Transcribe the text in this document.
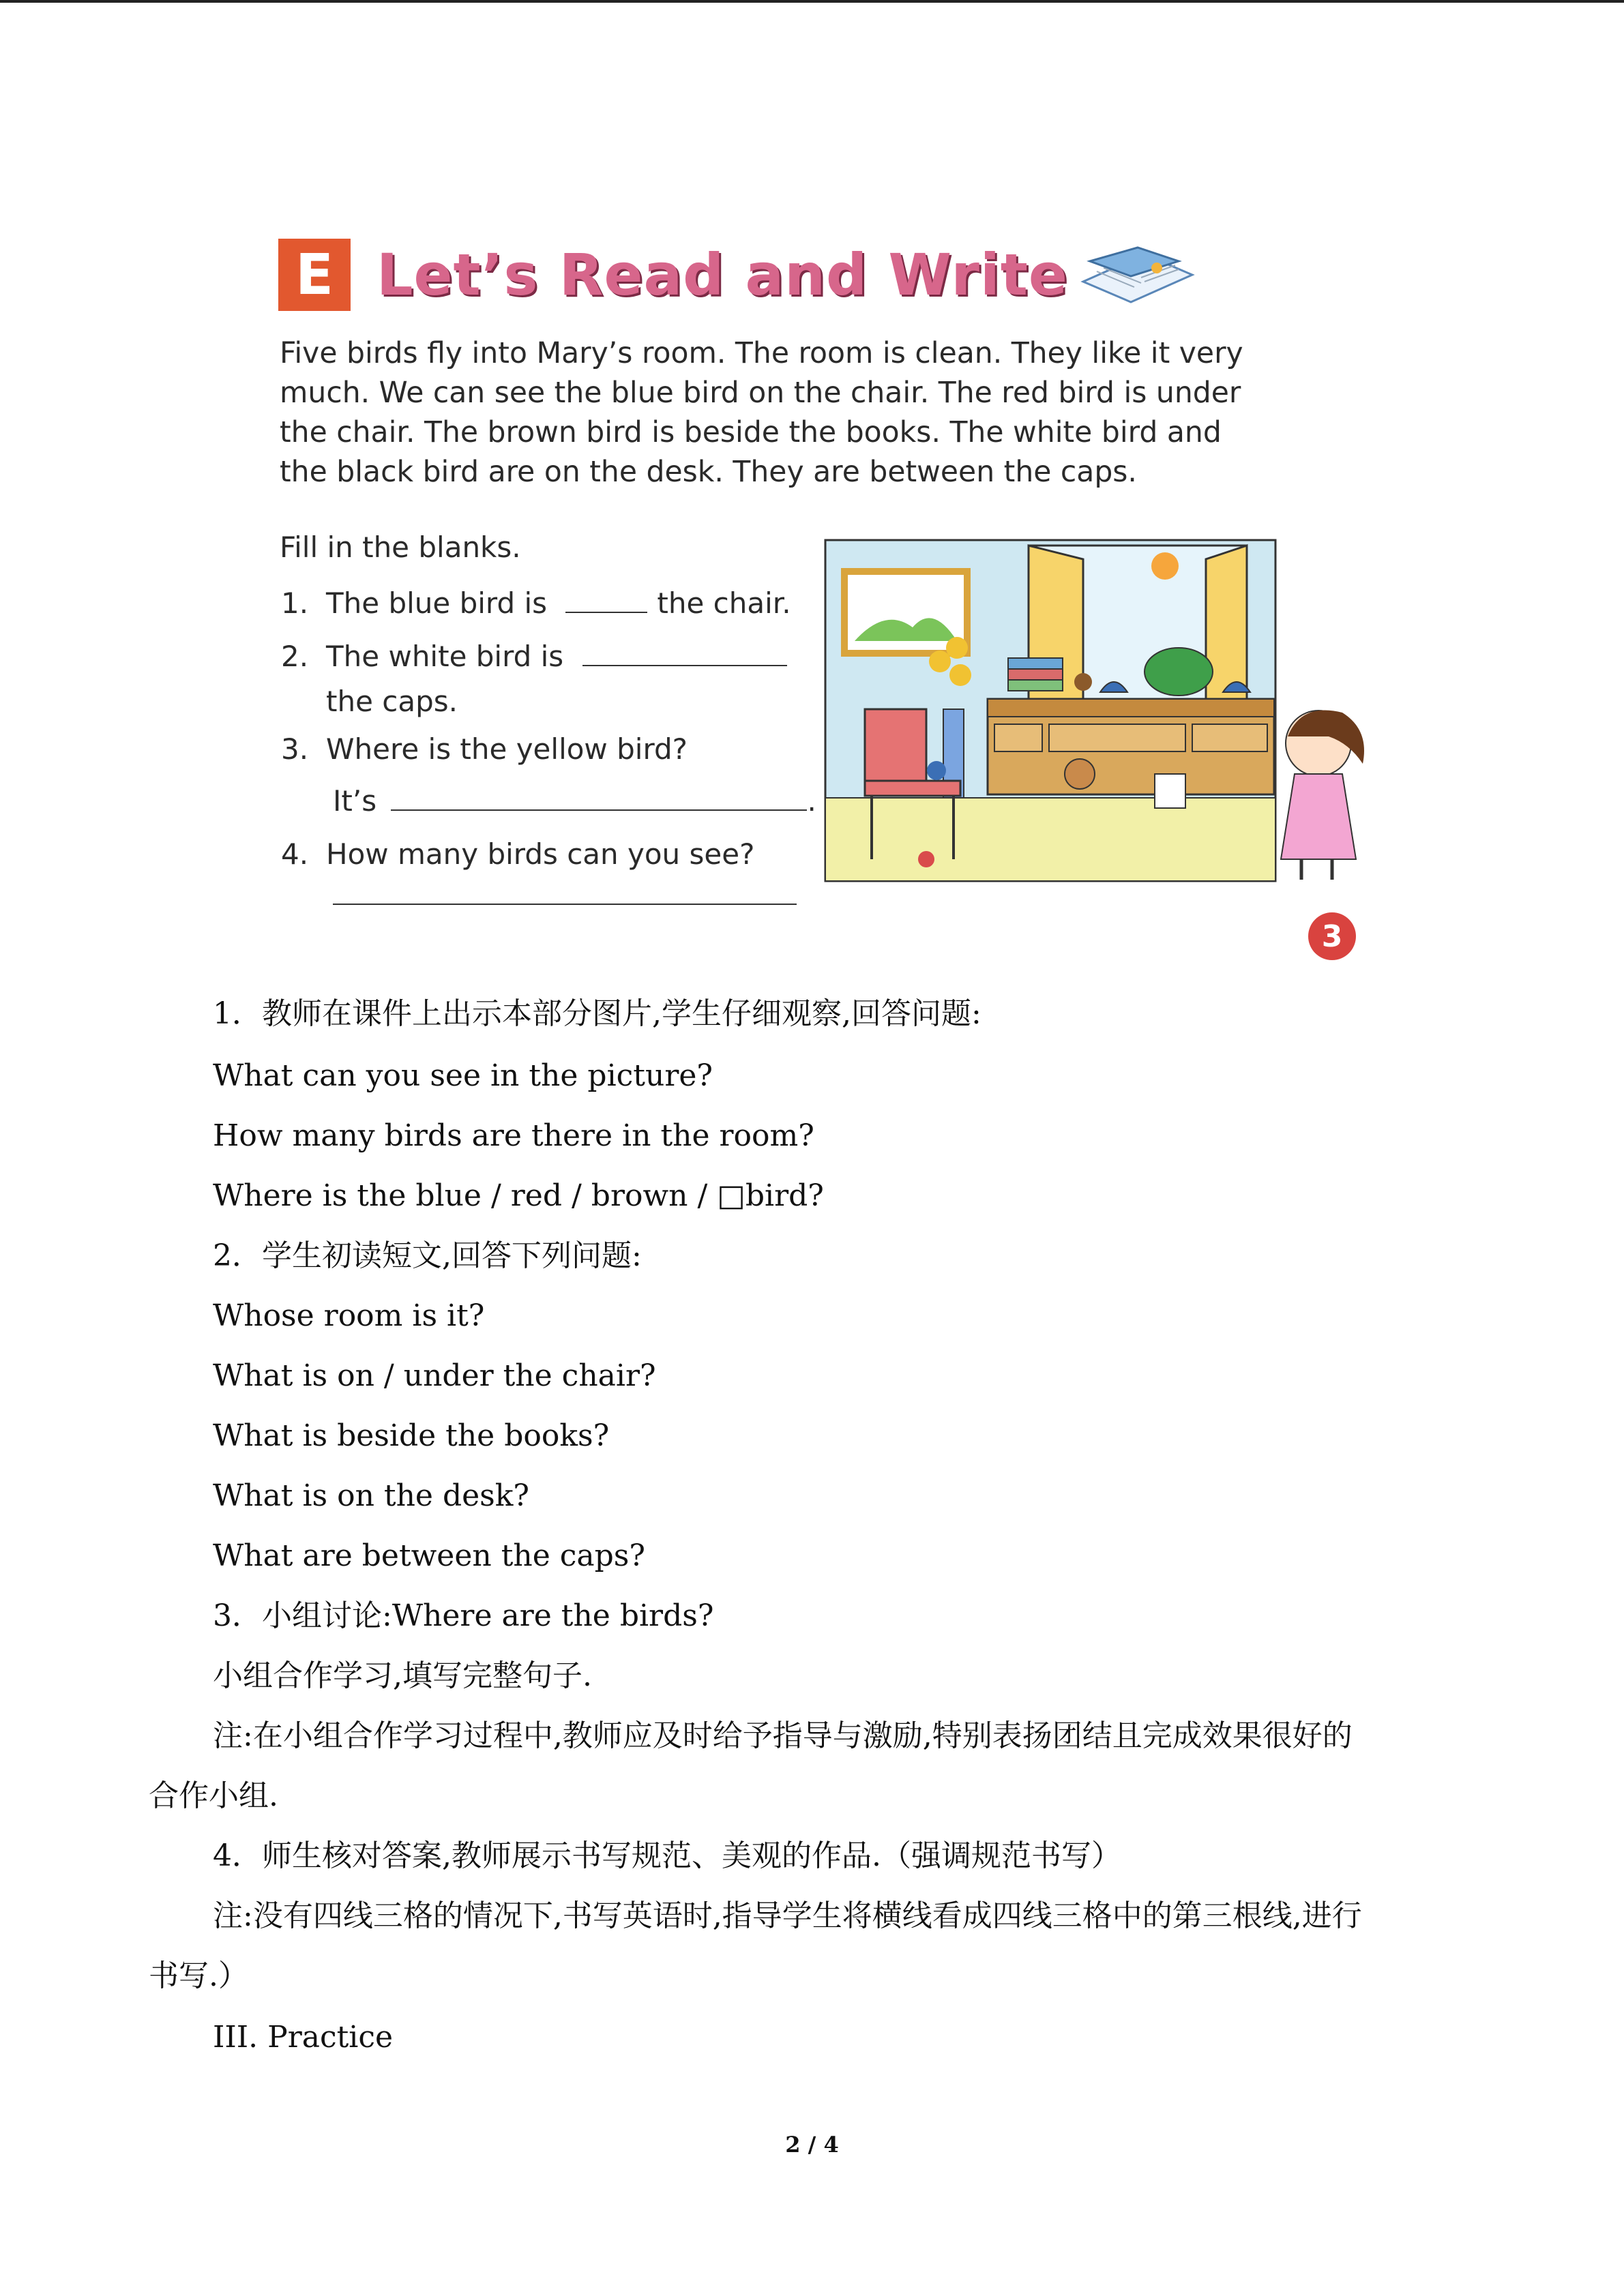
E Let’s Read and Write
Five birds fly into Mary’s room. The room is clean. They like it very
much. We can see the blue bird on the chair. The red bird is under
the chair. The brown bird is beside the books. The white bird and
the black bird are on the desk. They are between the caps.
Fill in the blanks.
1. The blue bird is	the chair.
2. The white bird is
the caps.
3. Where is the yellow bird?
It’s	.
4. How many birds can you see?
3
1．教师在课件上出示本部分图片,学生仔细观察,回答问题:
What can you see in the picture?
How many birds are there in the room?
Where is the blue / red / brown / □bird?
2．学生初读短文,回答下列问题:
Whose room is it?
What is on / under the chair?
What is beside the books?
What is on the desk?
What are between the caps?
3．小组讨论:Where are the birds?
小组合作学习,填写完整句子.
注:在小组合作学习过程中,教师应及时给予指导与激励,特别表扬团结且完成效果很好的
合作小组.
4．师生核对答案,教师展示书写规范、美观的作品.（强调规范书写）
注:没有四线三格的情况下,书写英语时,指导学生将横线看成四线三格中的第三根线,进行
书写.）
III. Practice
2 / 4
